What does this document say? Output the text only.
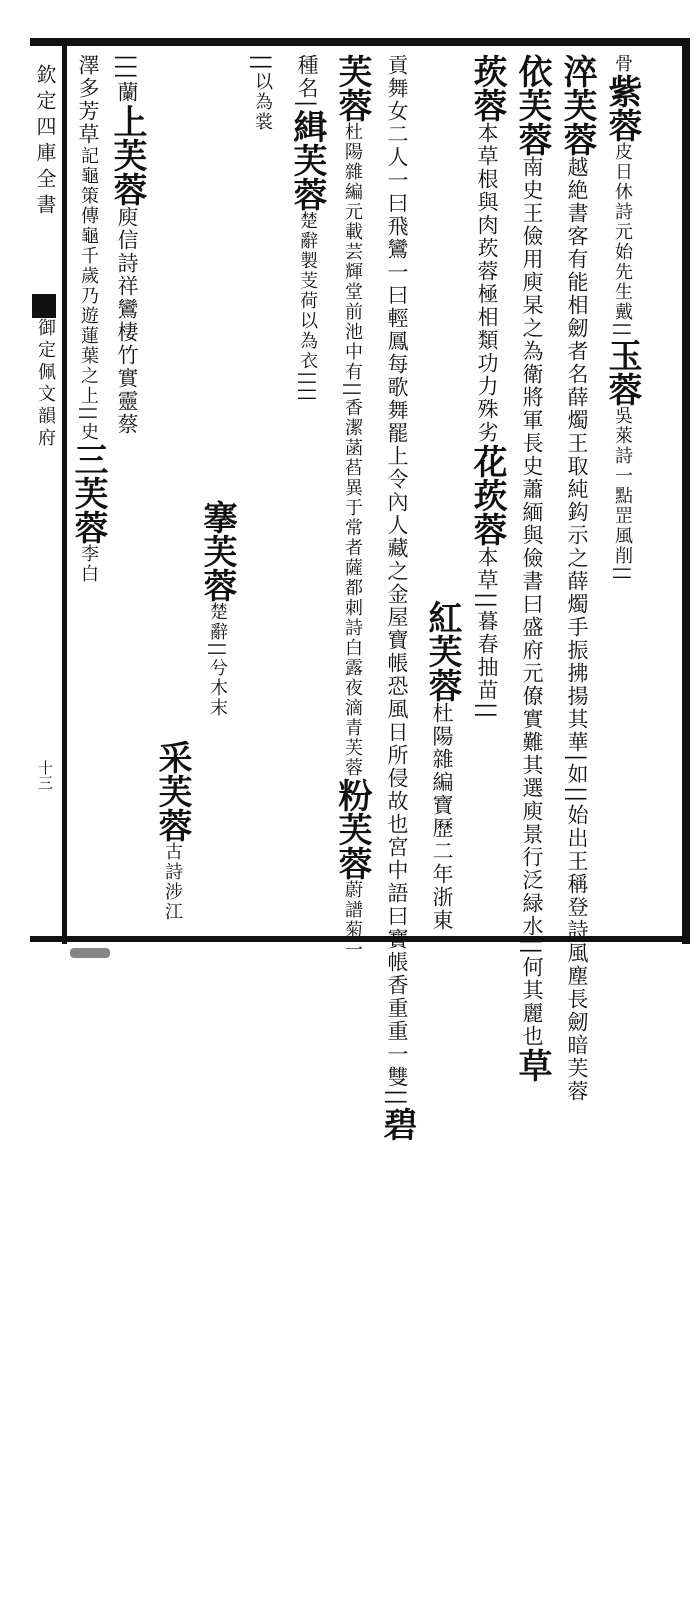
欽定四庫全書
御定佩文韻府
十三
骨紫蓉皮日休詩元始先生戴||玉蓉吳萊詩一點罡風削||
淬芙蓉越絶書客有能相劒者名薛燭王取純鈎示之薛燭手振拂揚其華|如||始出王稱登詩風塵長劒暗芙蓉
依芙蓉南史王儉用庾杲之為衛將軍長史蕭緬與儉書曰盛府元僚實難其選庾景行泛緑水||何其麗也草
莰蓉本草根與肉莰蓉極相類功力殊劣花莰蓉本草||暮春抽苗||
紅芙蓉杜陽雜編寶歷二年浙東
貢舞女二人一曰飛鸞一曰輕鳳每歌舞罷上令內人藏之金屋寶帳恐風日所侵故也宮中語曰寶帳香重重一雙||碧
芙蓉杜陽雜編元載芸輝堂前池中有||香潔菡萏異于常者薩都刺詩白露夜滴青芙蓉粉芙蓉蔚譜菊一
種名|緝芙蓉楚辭製芰荷以為衣||||
||以為裳
搴芙蓉楚辭||兮木末
采芙蓉古詩涉江
|||蘭上芙蓉庾信詩祥鸞棲竹實靈蔡
澤多芳草記龜策傳龜千歲乃遊蓮葉之上||史三芙蓉李白
